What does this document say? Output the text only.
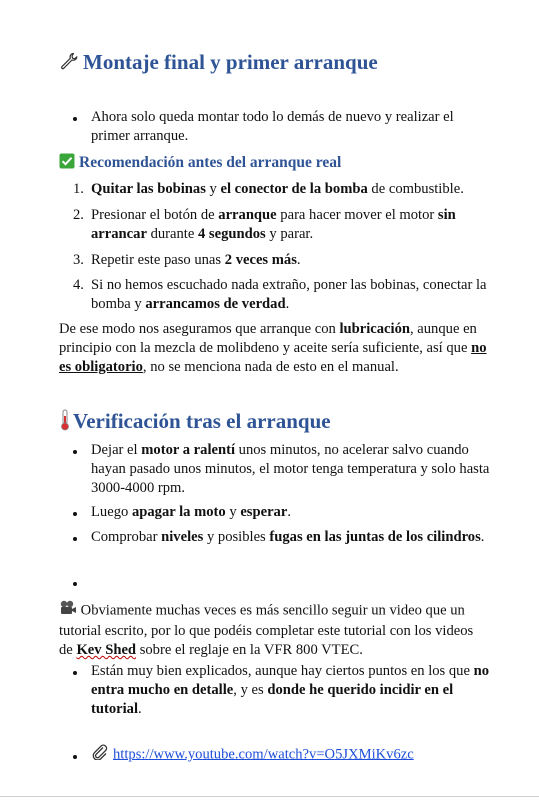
Montaje final y primer arranque
Ahora solo queda montar todo lo demás de nuevo y realizar el primer arranque.
Recomendación antes del arranque real
1. Quitar las bobinas y el conector de la bomba de combustible.
2. Presionar el botón de arranque para hacer mover el motor sin arrancar durante 4 segundos y parar.
3. Repetir este paso unas 2 veces más.
4. Si no hemos escuchado nada extraño, poner las bobinas, conectar la bomba y arrancamos de verdad.
De ese modo nos aseguramos que arranque con lubricación, aunque en principio con la mezcla de molibdeno y aceite sería suficiente, así que no es obligatorio, no se menciona nada de esto en el manual.
Verificación tras el arranque
Dejar el motor a ralentí unos minutos, no acelerar salvo cuando hayan pasado unos minutos, el motor tenga temperatura y solo hasta 3000-4000 rpm.
Luego apagar la moto y esperar.
Comprobar niveles y posibles fugas en las juntas de los cilindros.
Obviamente muchas veces es más sencillo seguir un video que un tutorial escrito, por lo que podéis completar este tutorial con los videos de Kev Shed sobre el reglaje en la VFR 800 VTEC.
Están muy bien explicados, aunque hay ciertos puntos en los que no entra mucho en detalle, y es donde he querido incidir en el tutorial.
https://www.youtube.com/watch?v=O5JXMiKv6zc
